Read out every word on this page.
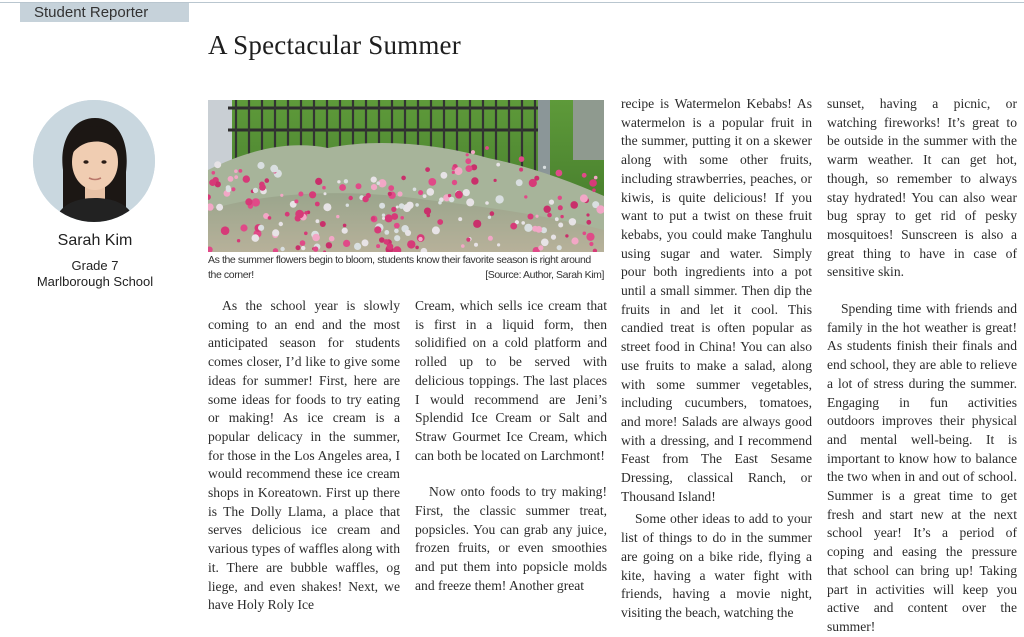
Student Reporter
A Spectacular Summer
Sarah Kim
Grade 7
Marlborough School
As the summer flowers begin to bloom, students know their favorite season is right around the corner!	[Source: Author, Sarah Kim]

As the school year is slowly coming to an end and the most anticipated season for students comes closer, I’d like to give some ideas for summer! First, here are some ideas for foods to try eating or making! As ice cream is a popular delicacy in the summer, for those in the Los Angeles area, I would recommend these ice cream shops in Koreatown. First up there is The Dolly Llama, a place that serves delicious ice cream and various types of waffles along with it. There are bubble waffles, og liege, and even shakes! Next, we have Holy Roly Ice

Cream, which sells ice cream that is first in a liquid form, then solidified on a cold platform and rolled up to be served with delicious toppings. The last places I would recommend are Jeni’s Splendid Ice Cream or Salt and Straw Gourmet Ice Cream, which can both be located on Larchmont!

Now onto foods to try making! First, the classic summer treat, popsicles. You can grab any juice, frozen fruits, or even smoothies and put them into popsicle molds and freeze them! Another great

recipe is Watermelon Kebabs! As watermelon is a popular fruit in the summer, putting it on a skewer along with some other fruits, including strawberries, peaches, or kiwis, is quite delicious! If you want to put a twist on these fruit kebabs, you could make Tanghulu using sugar and water. Simply pour both ingredients into a pot until a small simmer. Then dip the fruits in and let it cool. This candied treat is often popular as street food in China! You can also use fruits to make a salad, along with some summer vegetables, including cucumbers, tomatoes, and more! Salads are always good with a dressing, and I recommend Feast from The East Sesame Dressing, classical Ranch, or Thousand Island!

Some other ideas to add to your list of things to do in the summer are going on a bike ride, flying a kite, having a water fight with friends, having a movie night, visiting the beach, watching the

sunset, having a picnic, or watching fireworks! It’s great to be outside in the summer with the warm weather. It can get hot, though, so remember to always stay hydrated! You can also wear bug spray to get rid of pesky mosquitoes! Sunscreen is also a great thing to have in case of sensitive skin.

Spending time with friends and family in the hot weather is great! As students finish their finals and end school, they are able to relieve a lot of stress during the summer. Engaging in fun activities outdoors improves their physical and mental well-being. It is important to know how to balance the two when in and out of school. Summer is a great time to get fresh and start new at the next school year! It’s a period of coping and easing the pressure that school can bring up! Taking part in activities will keep you active and content over the summer!
